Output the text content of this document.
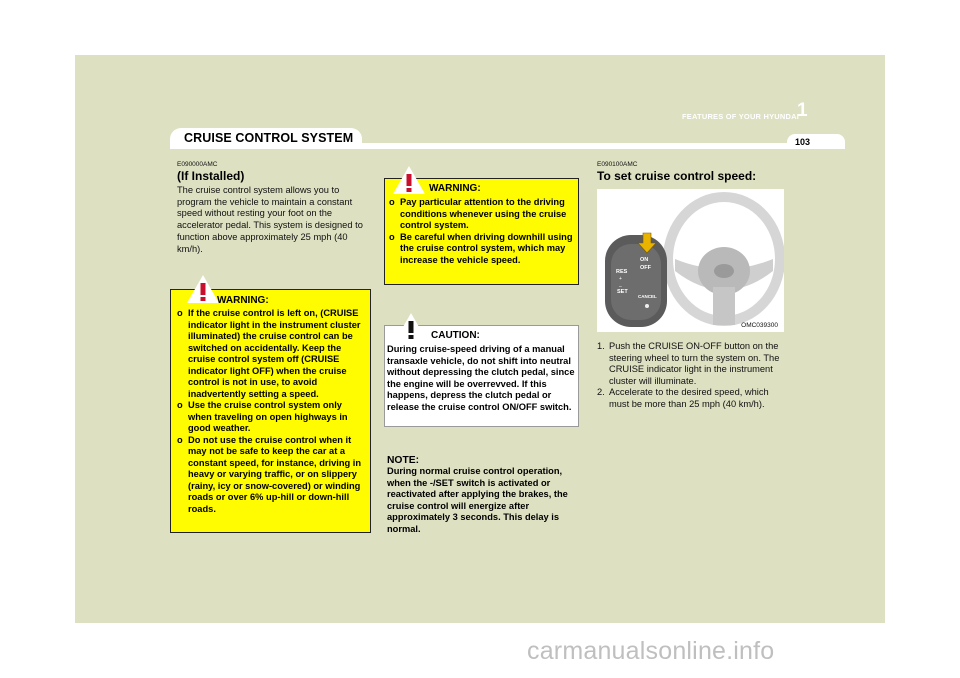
1
FEATURES OF YOUR HYUNDAI
CRUISE CONTROL SYSTEM	103
E090000AMC
(If Installed)
The cruise control system allows you to program the vehicle to maintain a constant speed without resting your foot on the accelerator pedal. This system is designed to function above approximately 25 mph (40 km/h).
WARNING:
o If the cruise control is left on, (CRUISE indicator light in the instrument cluster illuminated) the cruise control can be switched on accidentally. Keep the cruise control system off (CRUISE indicator light OFF) when the cruise control is not in use, to avoid inadvertently setting a speed.
o Use the cruise control system only when traveling on open highways in good weather.
o Do not use the cruise control when it may not be safe to keep the car at a constant speed, for instance, driving in heavy or varying traffic, or on slippery (rainy, icy or snow-covered) or winding roads or over 6% up-hill or down-hill roads.
WARNING:
o Pay particular attention to the driving conditions whenever using the cruise control system.
o Be careful when driving downhill using the cruise control system, which may increase the vehicle speed.
CAUTION:
During cruise-speed driving of a manual transaxle vehicle, do not shift into neutral without depressing the clutch pedal, since the engine will be overrevved. If this happens, depress the clutch pedal or release the cruise control ON/OFF switch.
NOTE:
During normal cruise control operation, when the -/SET switch is activated or reactivated after applying the brakes, the cruise control will energize after approximately 3 seconds. This delay is normal.
E090100AMC
To set cruise control speed:
RES
+
–
SET
ON
OFF
CANCEL
OMC039300
1. Push the CRUISE ON-OFF button on the steering wheel to turn the system on. The CRUISE indicator light in the instrument cluster will illuminate.
2. Accelerate to the desired speed, which must be more than 25 mph (40 km/h).
carmanualsonline.info
